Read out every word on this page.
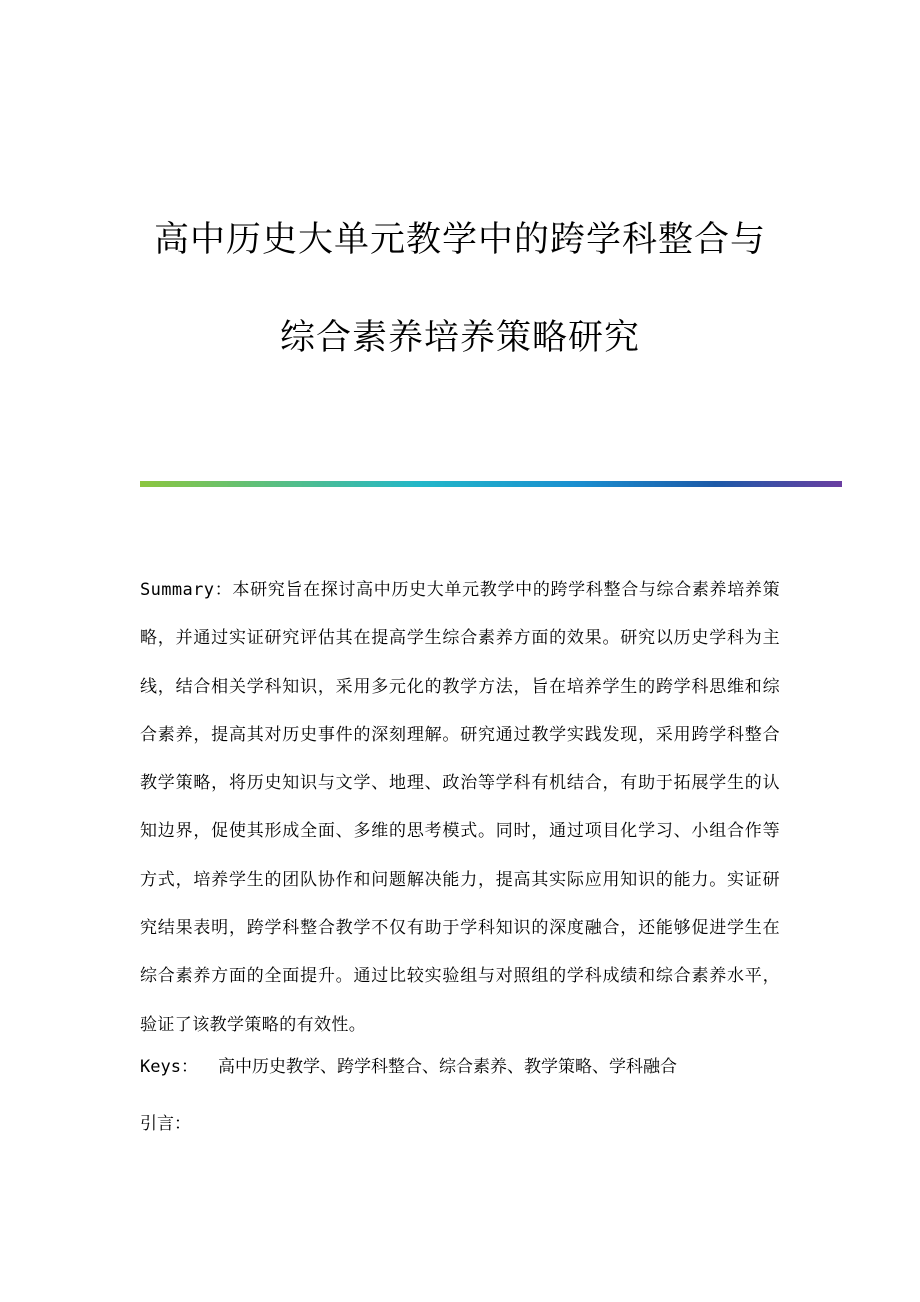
高中历史大单元教学中的跨学科整合与
综合素养培养策略研究
Summary：本研究旨在探讨高中历史大单元教学中的跨学科整合与综合素养培养策略，并通过实证研究评估其在提高学生综合素养方面的效果。研究以历史学科为主线，结合相关学科知识，采用多元化的教学方法，旨在培养学生的跨学科思维和综合素养，提高其对历史事件的深刻理解。研究通过教学实践发现，采用跨学科整合教学策略，将历史知识与文学、地理、政治等学科有机结合，有助于拓展学生的认知边界，促使其形成全面、多维的思考模式。同时，通过项目化学习、小组合作等方式，培养学生的团队协作和问题解决能力，提高其实际应用知识的能力。实证研究结果表明，跨学科整合教学不仅有助于学科知识的深度融合，还能够促进学生在综合素养方面的全面提升。通过比较实验组与对照组的学科成绩和综合素养水平，验证了该教学策略的有效性。
Keys： 高中历史教学、跨学科整合、综合素养、教学策略、学科融合
引言：
